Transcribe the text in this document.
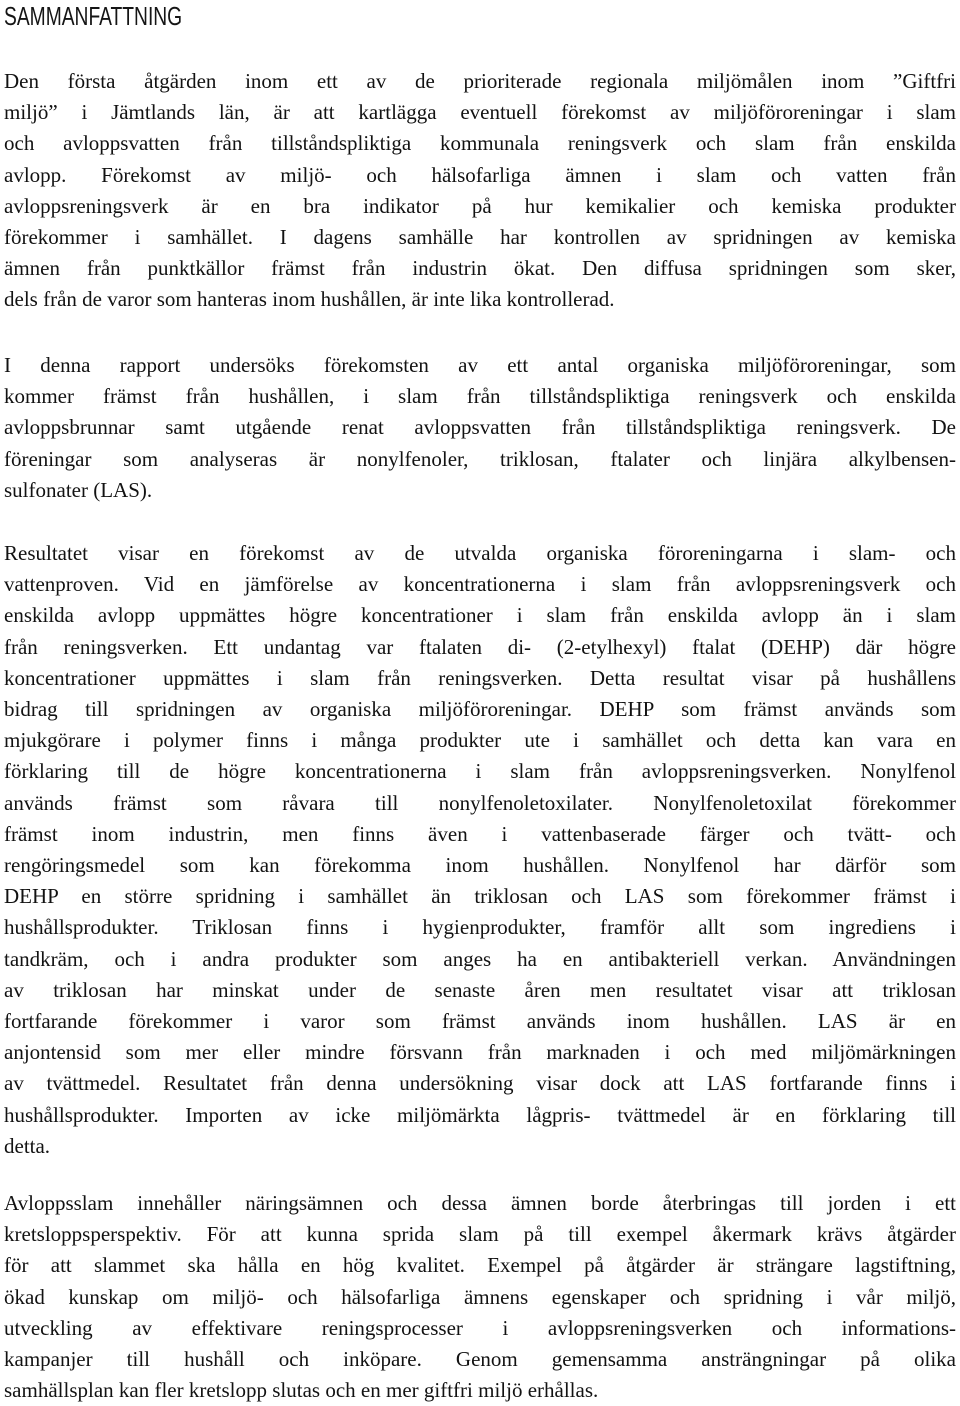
SAMMANFATTNING
Den första åtgärden inom ett av de prioriterade regionala miljömålen inom ”Giftfri
miljö” i Jämtlands län, är att kartlägga eventuell förekomst av miljöföroreningar i slam
och avloppsvatten från tillståndspliktiga kommunala reningsverk och slam från enskilda
avlopp. Förekomst av miljö- och hälsofarliga ämnen i slam och vatten från
avloppsreningsverk är en bra indikator på hur kemikalier och kemiska produkter
förekommer i samhället. I dagens samhälle har kontrollen av spridningen av kemiska
ämnen från punktkällor främst från industrin ökat. Den diffusa spridningen som sker,
dels från de varor som hanteras inom hushållen, är inte lika kontrollerad.
I denna rapport undersöks förekomsten av ett antal organiska miljöföroreningar, som
kommer främst från hushållen, i slam från tillståndspliktiga reningsverk och enskilda
avloppsbrunnar samt utgående renat avloppsvatten från tillståndspliktiga reningsverk. De
föreningar som analyseras är nonylfenoler, triklosan, ftalater och linjära alkylbensen-
sulfonater (LAS).
Resultatet visar en förekomst av de utvalda organiska föroreningarna i slam- och
vattenproven. Vid en jämförelse av koncentrationerna i slam från avloppsreningsverk och
enskilda avlopp uppmättes högre koncentrationer i slam från enskilda avlopp än i slam
från reningsverken. Ett undantag var ftalaten di- (2-etylhexyl) ftalat (DEHP) där högre
koncentrationer uppmättes i slam från reningsverken. Detta resultat visar på hushållens
bidrag till spridningen av organiska miljöföroreningar. DEHP som främst används som
mjukgörare i polymer finns i många produkter ute i samhället och detta kan vara en
förklaring till de högre koncentrationerna i slam från avloppsreningsverken. Nonylfenol
används främst som råvara till nonylfenoletoxilater. Nonylfenoletoxilat förekommer
främst inom industrin, men finns även i vattenbaserade färger och tvätt- och
rengöringsmedel som kan förekomma inom hushållen. Nonylfenol har därför som
DEHP en större spridning i samhället än triklosan och LAS som förekommer främst i
hushållsprodukter. Triklosan finns i hygienprodukter, framför allt som ingrediens i
tandkräm, och i andra produkter som anges ha en antibakteriell verkan. Användningen
av triklosan har minskat under de senaste åren men resultatet visar att triklosan
fortfarande förekommer i varor som främst används inom hushållen. LAS är en
anjontensid som mer eller mindre försvann från marknaden i och med miljömärkningen
av tvättmedel. Resultatet från denna undersökning visar dock att LAS fortfarande finns i
hushållsprodukter. Importen av icke miljömärkta lågpris- tvättmedel är en förklaring till
detta.
Avloppsslam innehåller näringsämnen och dessa ämnen borde återbringas till jorden i ett
kretsloppsperspektiv. För att kunna sprida slam på till exempel åkermark krävs åtgärder
för att slammet ska hålla en hög kvalitet. Exempel på åtgärder är strängare lagstiftning,
ökad kunskap om miljö- och hälsofarliga ämnens egenskaper och spridning i vår miljö,
utveckling av effektivare reningsprocesser i avloppsreningsverken och informations-
kampanjer till hushåll och inköpare. Genom gemensamma ansträngningar på olika
samhällsplan kan fler kretslopp slutas och en mer giftfri miljö erhållas.
